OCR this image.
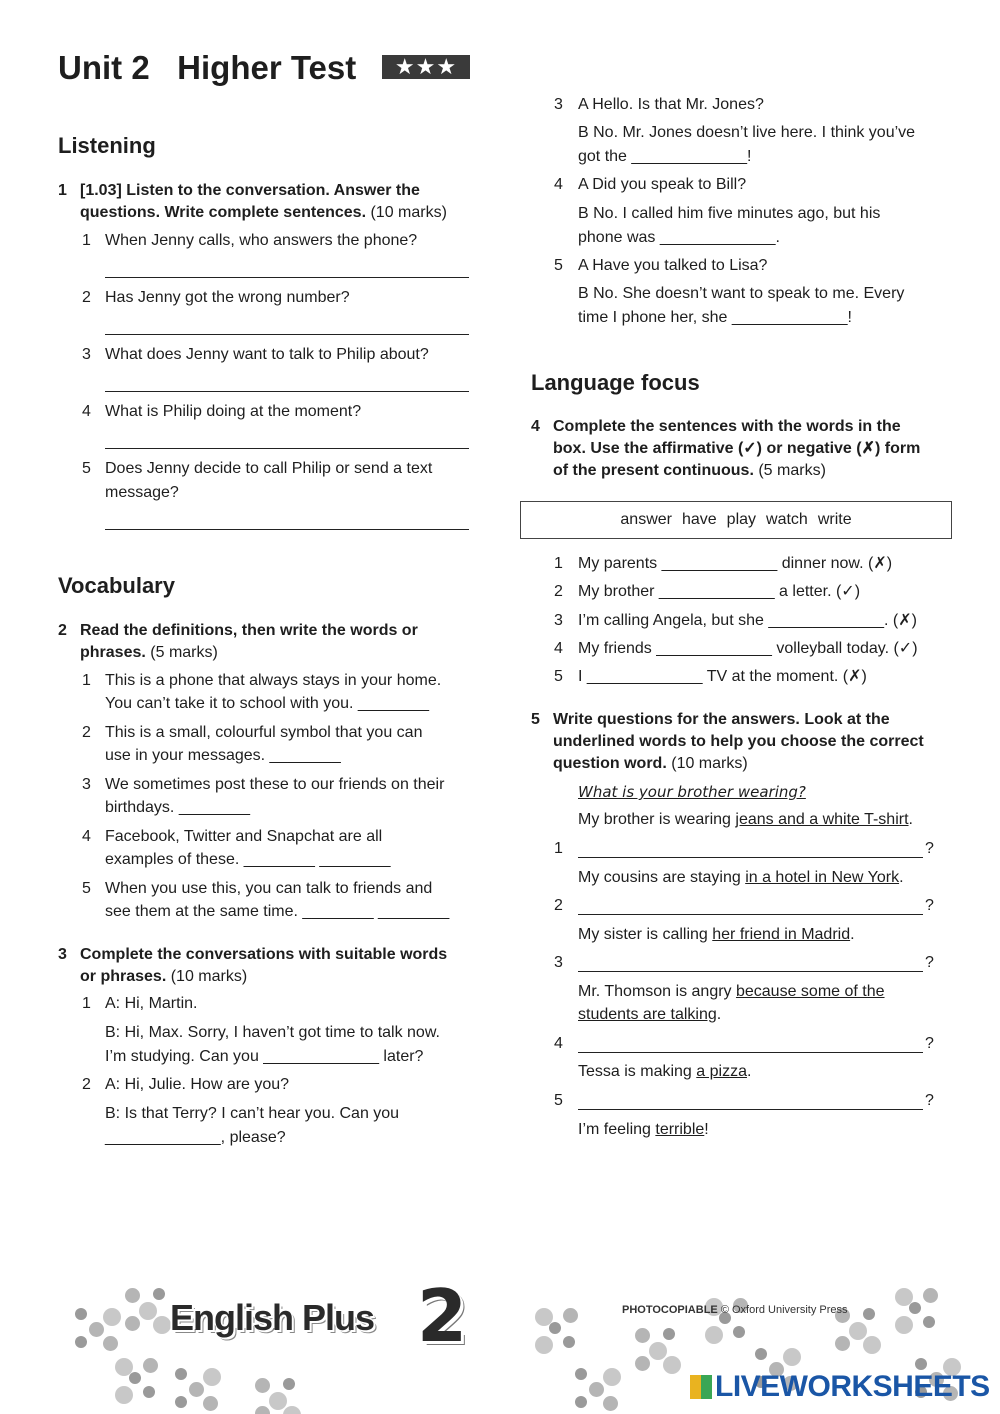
Unit 2   Higher Test	★★★
Listening
1 [1.03] Listen to the conversation. Answer the
questions. Write complete sentences. (10 marks)
1 When Jenny calls, who answers the phone?
2 Has Jenny got the wrong number?
3 What does Jenny want to talk to Philip about?
4 What is Philip doing at the moment?
5 Does Jenny decide to call Philip or send a text
message?
Vocabulary
2 Read the definitions, then write the words or
phrases. (5 marks)
1 This is a phone that always stays in your home.
You can’t take it to school with you. ________
2 This is a small, colourful symbol that you can
use in your messages. ________
3 We sometimes post these to our friends on their
birthdays. ________
4 Facebook, Twitter and Snapchat are all
examples of these. ________ ________
5 When you use this, you can talk to friends and
see them at the same time. ________ ________
3 Complete the conversations with suitable words
or phrases. (10 marks)
1 A: Hi, Martin.
B: Hi, Max. Sorry, I haven’t got time to talk now.
I’m studying. Can you _____________ later?
2 A: Hi, Julie. How are you?
B: Is that Terry? I can’t hear you. Can you
_____________, please?
3 A Hello. Is that Mr. Jones?
B No. Mr. Jones doesn’t live here. I think you’ve
got the _____________!
4 A Did you speak to Bill?
B No. I called him five minutes ago, but his
phone was _____________.
5 A Have you talked to Lisa?
B No. She doesn’t want to speak to me. Every
time I phone her, she _____________!
Language focus
4 Complete the sentences with the words in the
box. Use the affirmative (✓) or negative (✗) form
of the present continuous. (5 marks)
answer have play watch write
1 My parents _____________ dinner now. (✗)
2 My brother _____________ a letter. (✓)
3 I’m calling Angela, but she _____________. (✗)
4 My friends _____________ volleyball today. (✓)
5 I _____________ TV at the moment. (✗)
5 Write questions for the answers. Look at the
underlined words to help you choose the correct
question word. (10 marks)
What is your brother wearing?
My brother is wearing jeans and a white T-shirt.
1	?
My cousins are staying in a hotel in New York.
2	?
My sister is calling her friend in Madrid.
3	?
Mr. Thomson is angry because some of the
students are talking.
4	?
Tessa is making a pizza.
5	?
I’m feeling terrible!
English Plus 2	PHOTOCOPIABLE © Oxford University Press
LIVEWORKSHEETS
